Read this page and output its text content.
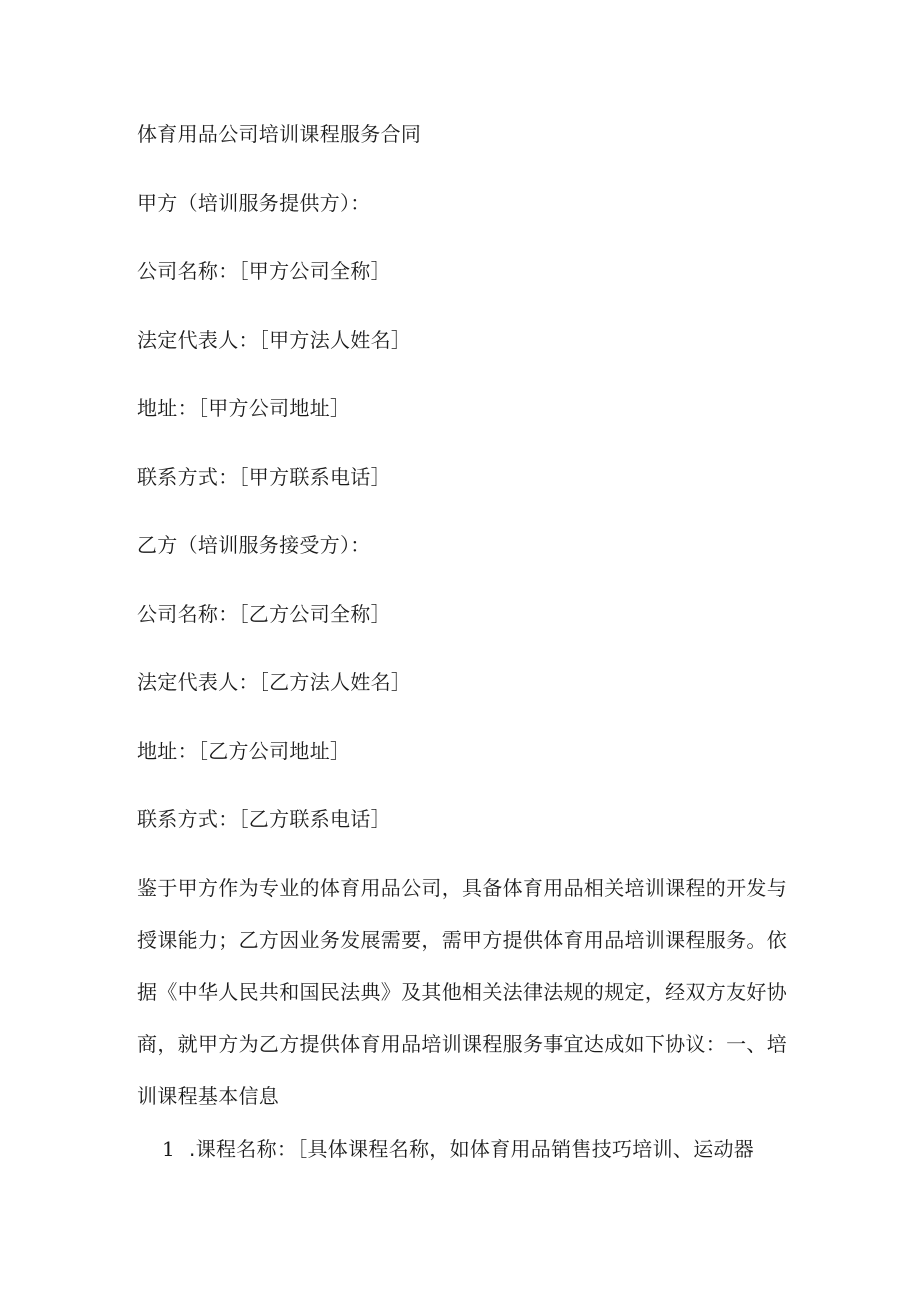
体育用品公司培训课程服务合同
甲方（培训服务提供方）：
公司名称：［甲方公司全称］
法定代表人：［甲方法人姓名］
地址：［甲方公司地址］
联系方式：［甲方联系电话］
乙方（培训服务接受方）：
公司名称：［乙方公司全称］
法定代表人：［乙方法人姓名］
地址：［乙方公司地址］
联系方式：［乙方联系电话］
鉴于甲方作为专业的体育用品公司，具备体育用品相关培训课程的开发与授课能力；乙方因业务发展需要，需甲方提供体育用品培训课程服务。依据《中华人民共和国民法典》及其他相关法律法规的规定，经双方友好协商，就甲方为乙方提供体育用品培训课程服务事宜达成如下协议：一、培训课程基本信息
1 .课程名称：［具体课程名称，如体育用品销售技巧培训、运动器
